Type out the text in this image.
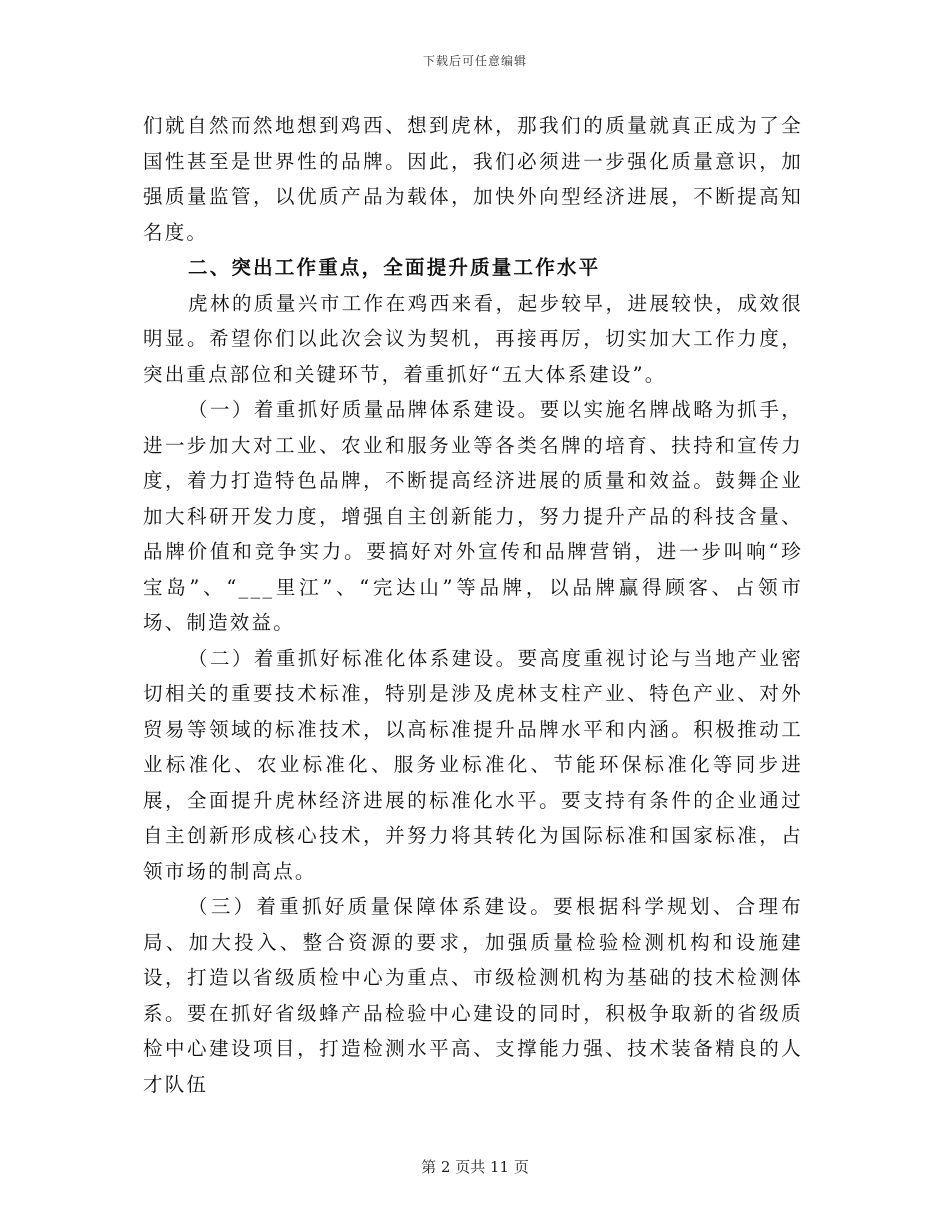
下载后可任意编辑

们就自然而然地想到鸡西、想到虎林，那我们的质量就真正成为了全国性甚至是世界性的品牌。因此，我们必须进一步强化质量意识，加强质量监管，以优质产品为载体，加快外向型经济进展，不断提高知名度。

二、突出工作重点，全面提升质量工作水平

虎林的质量兴市工作在鸡西来看，起步较早，进展较快，成效很明显。希望你们以此次会议为契机，再接再厉，切实加大工作力度，突出重点部位和关键环节，着重抓好“五大体系建设”。

（一）着重抓好质量品牌体系建设。要以实施名牌战略为抓手，进一步加大对工业、农业和服务业等各类名牌的培育、扶持和宣传力度，着力打造特色品牌，不断提高经济进展的质量和效益。鼓舞企业加大科研开发力度，增强自主创新能力，努力提升产品的科技含量、品牌价值和竞争实力。要搞好对外宣传和品牌营销，进一步叫响“珍宝岛”、“___里江”、“完达山”等品牌，以品牌赢得顾客、占领市场、制造效益。

（二）着重抓好标准化体系建设。要高度重视讨论与当地产业密切相关的重要技术标准，特别是涉及虎林支柱产业、特色产业、对外贸易等领域的标准技术，以高标准提升品牌水平和内涵。积极推动工业标准化、农业标准化、服务业标准化、节能环保标准化等同步进展，全面提升虎林经济进展的标准化水平。要支持有条件的企业通过自主创新形成核心技术，并努力将其转化为国际标准和国家标准，占领市场的制高点。

（三）着重抓好质量保障体系建设。要根据科学规划、合理布局、加大投入、整合资源的要求，加强质量检验检测机构和设施建设，打造以省级质检中心为重点、市级检测机构为基础的技术检测体系。要在抓好省级蜂产品检验中心建设的同时，积极争取新的省级质检中心建设项目，打造检测水平高、支撑能力强、技术装备精良的人才队伍

第 2 页共 11 页
